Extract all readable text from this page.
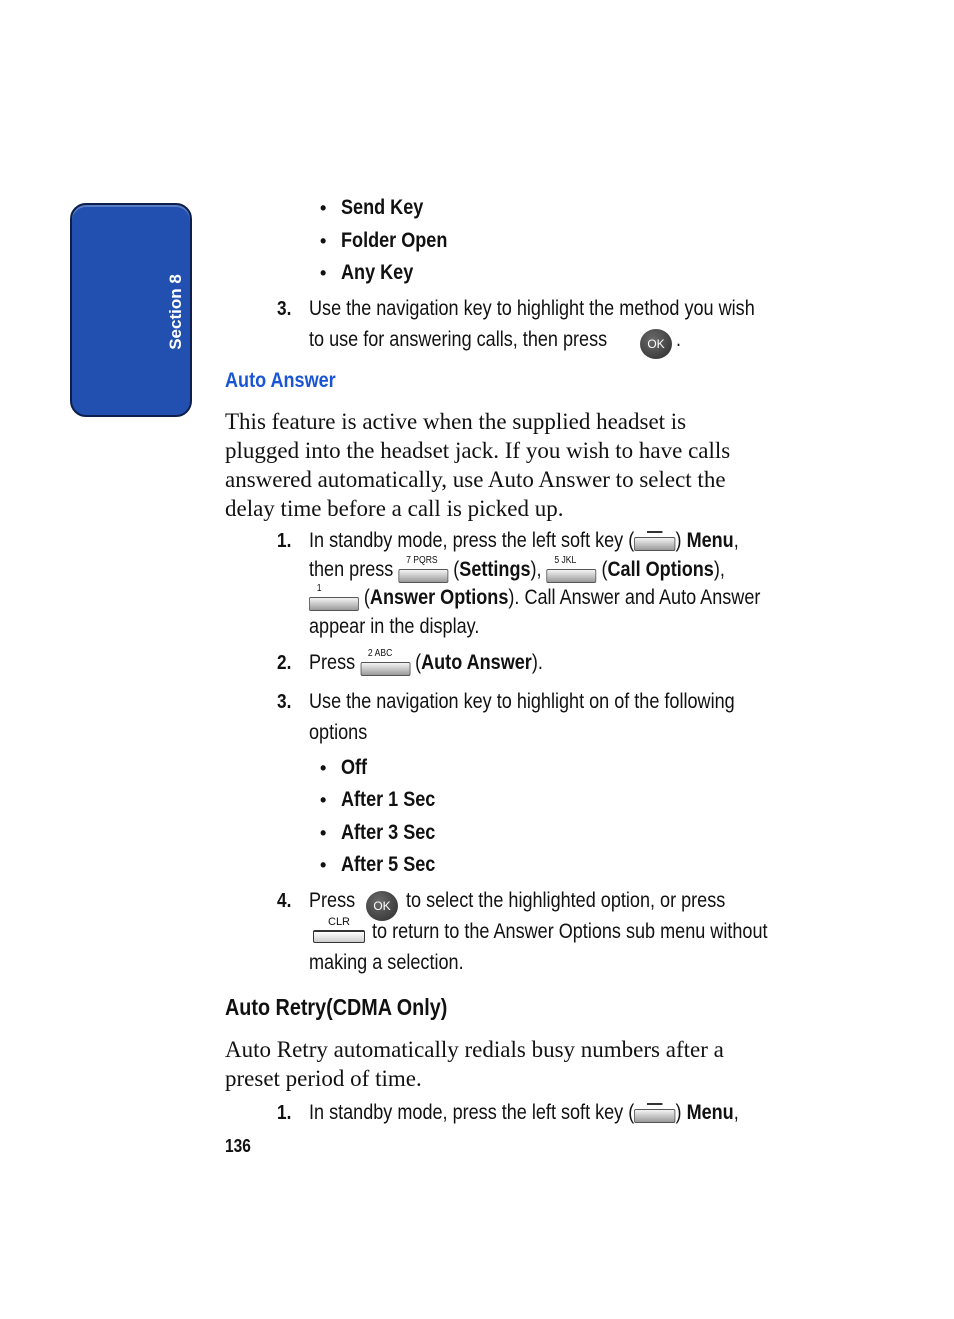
Section 8
• Send Key
• Folder Open
• Any Key
3. Use the navigation key to highlight the method you wish
to use for answering calls, then press	OK .
Auto Answer
This feature is active when the supplied headset is
plugged into the headset jack. If you wish to have calls
answered automatically, use Auto Answer to select the
delay time before a call is picked up.
1. In standby mode, press the left soft key ( ) Menu,
then press 7 PQRS (Settings), 5 JKL (Call Options),
1 (Answer Options). Call Answer and Auto Answer
appear in the display.
2. Press 2 ABC (Auto Answer).
3. Use the navigation key to highlight on of the following
options
• Off
• After 1 Sec
• After 3 Sec
• After 5 Sec
4. Press	OK to select the highlighted option, or press
CLR to return to the Answer Options sub menu without
making a selection.
Auto Retry(CDMA Only)
Auto Retry automatically redials busy numbers after a
preset period of time.
1. In standby mode, press the left soft key ( ) Menu,
136
